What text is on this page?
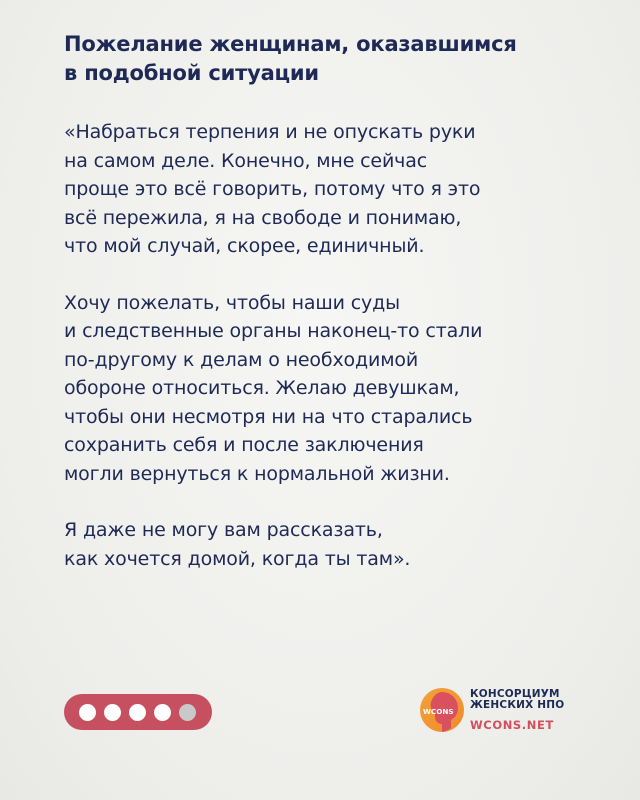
Пожелание женщинам, оказавшимся
в подобной ситуации

«Набраться терпения и не опускать руки
на самом деле. Конечно, мне сейчас
проще это всё говорить, потому что я это
всё пережила, я на свободе и понимаю,
что мой случай, скорее, единичный.

Хочу пожелать, чтобы наши суды
и следственные органы наконец-то стали
по-другому к делам о необходимой
обороне относиться. Желаю девушкам,
чтобы они несмотря ни на что старались
сохранить себя и после заключения
могли вернуться к нормальной жизни.

Я даже не могу вам рассказать,
как хочется домой, когда ты там».

WCONS
КОНСОРЦИУМ
ЖЕНСКИХ НПО
WCONS.NET
